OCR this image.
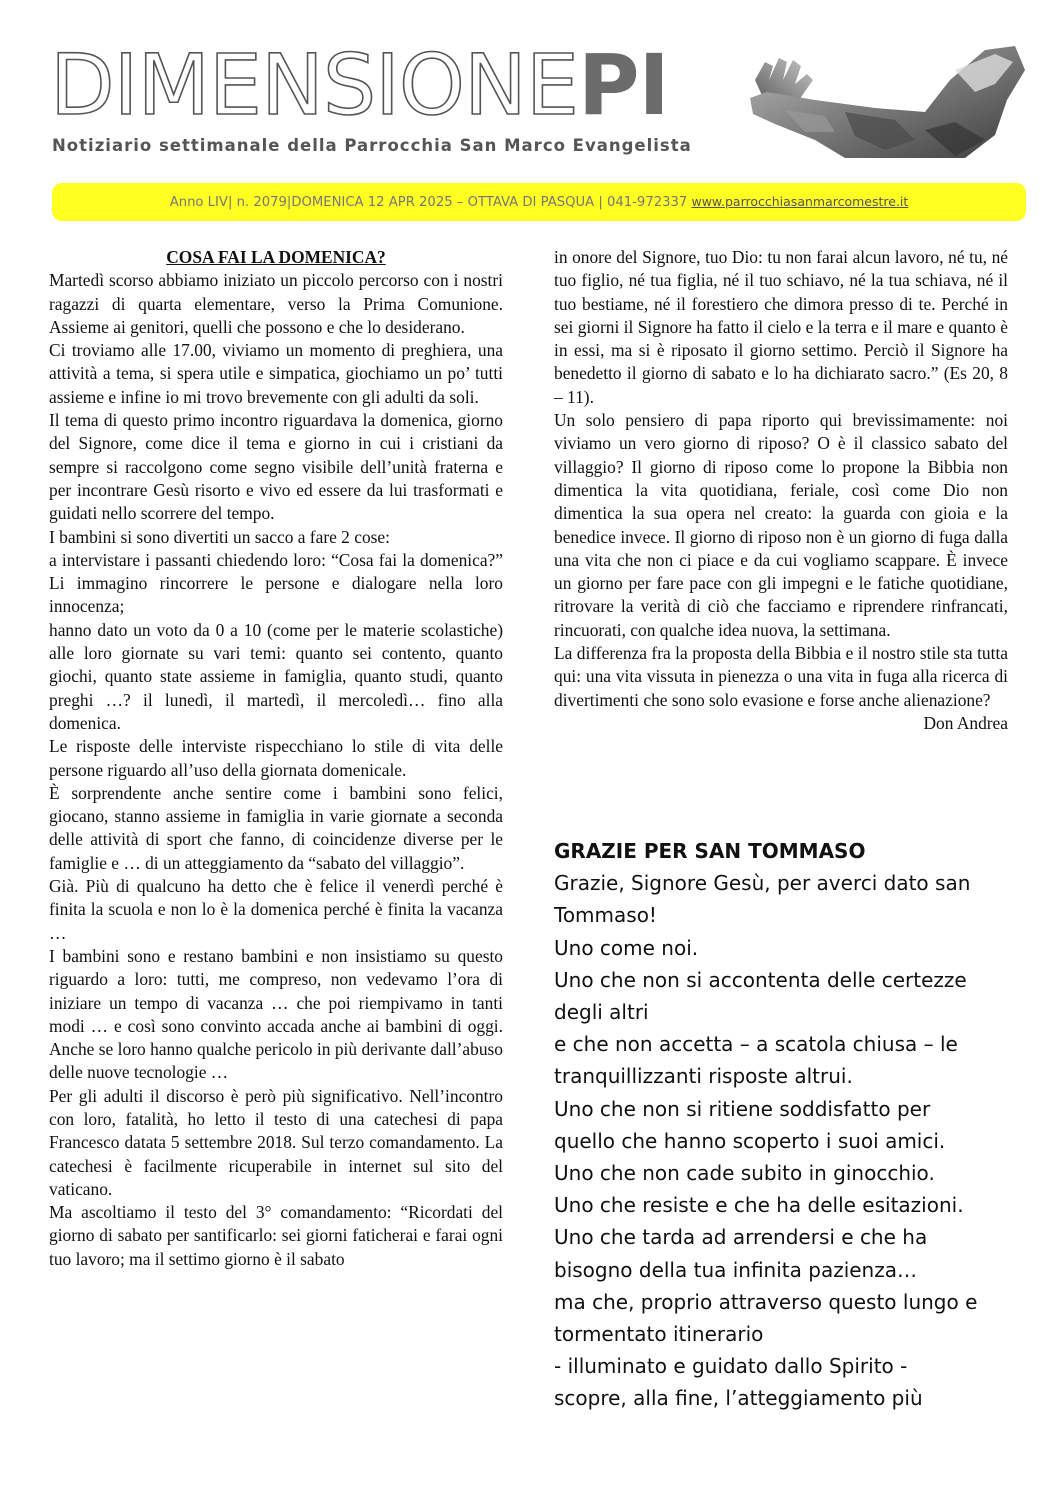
DIMENSIONEPI
Notiziario settimanale della Parrocchia San Marco Evangelista
Anno LIV| n. 2079|DOMENICA 12 APR 2025 – OTTAVA DI PASQUA | 041-972337 www.parrocchiasanmarcomestre.it
COSA FAI LA DOMENICA?

Martedì scorso abbiamo iniziato un piccolo percorso con i nostri ragazzi di quarta elementare, verso la Prima Comunione. Assieme ai genitori, quelli che possono e che lo desiderano.

Ci troviamo alle 17.00, viviamo un momento di preghiera, una attività a tema, si spera utile e simpatica, giochiamo un po’ tutti assieme e infine io mi trovo brevemente con gli adulti da soli.

Il tema di questo primo incontro riguardava la domenica, giorno del Signore, come dice il tema e giorno in cui i cristiani da sempre si raccolgono come segno visibile dell’unità fraterna e per incontrare Gesù risorto e vivo ed essere da lui trasformati e guidati nello scorrere del tempo.

I bambini si sono divertiti un sacco a fare 2 cose:

a intervistare i passanti chiedendo loro: “Cosa fai la domenica?” Li immagino rincorrere le persone e dialogare nella loro innocenza;

hanno dato un voto da 0 a 10 (come per le materie scolastiche) alle loro giornate su vari temi: quanto sei contento, quanto giochi, quanto state assieme in famiglia, quanto studi, quanto preghi …? il lunedì, il martedì, il mercoledì… fino alla domenica.

Le risposte delle interviste rispecchiano lo stile di vita delle persone riguardo all’uso della giornata domenicale.

È sorprendente anche sentire come i bambini sono felici, giocano, stanno assieme in famiglia in varie giornate a seconda delle attività di sport che fanno, di coincidenze diverse per le famiglie e … di un atteggiamento da “sabato del villaggio”.

Già. Più di qualcuno ha detto che è felice il venerdì perché è finita la scuola e non lo è la domenica perché è finita la vacanza …

I bambini sono e restano bambini e non insistiamo su questo riguardo a loro: tutti, me compreso, non vedevamo l’ora di iniziare un tempo di vacanza … che poi riempivamo in tanti modi … e così sono convinto accada anche ai bambini di oggi. Anche se loro hanno qualche pericolo in più derivante dall’abuso delle nuove tecnologie …

Per gli adulti il discorso è però più significativo. Nell’incontro con loro, fatalità, ho letto il testo di una catechesi di papa Francesco datata 5 settembre 2018. Sul terzo comandamento. La catechesi è facilmente ricuperabile in internet sul sito del vaticano.

Ma ascoltiamo il testo del 3° comandamento: “Ricordati del giorno di sabato per santificarlo: sei giorni faticherai e farai ogni tuo lavoro; ma il settimo giorno è il sabato

in onore del Signore, tuo Dio: tu non farai alcun lavoro, né tu, né tuo figlio, né tua figlia, né il tuo schiavo, né la tua schiava, né il tuo bestiame, né il forestiero che dimora presso di te. Perché in sei giorni il Signore ha fatto il cielo e la terra e il mare e quanto è in essi, ma si è riposato il giorno settimo. Perciò il Signore ha benedetto il giorno di sabato e lo ha dichiarato sacro.” (Es 20, 8 – 11).

Un solo pensiero di papa riporto qui brevissimamente: noi viviamo un vero giorno di riposo? O è il classico sabato del villaggio? Il giorno di riposo come lo propone la Bibbia non dimentica la vita quotidiana, feriale, così come Dio non dimentica la sua opera nel creato: la guarda con gioia e la benedice invece. Il giorno di riposo non è un giorno di fuga dalla una vita che non ci piace e da cui vogliamo scappare. È invece un giorno per fare pace con gli impegni e le fatiche quotidiane, ritrovare la verità di ciò che facciamo e riprendere rinfrancati, rincuorati, con qualche idea nuova, la settimana.

La differenza fra la proposta della Bibbia e il nostro stile sta tutta qui: una vita vissuta in pienezza o una vita in fuga alla ricerca di divertimenti che sono solo evasione e forse anche alienazione?

Don Andrea

GRAZIE PER SAN TOMMASO

Grazie, Signore Gesù, per averci dato san

Tommaso!

Uno come noi.

Uno che non si accontenta delle certezze

degli altri

e che non accetta – a scatola chiusa – le

tranquillizzanti risposte altrui.

Uno che non si ritiene soddisfatto per

quello che hanno scoperto i suoi amici.

Uno che non cade subito in ginocchio.

Uno che resiste e che ha delle esitazioni.

Uno che tarda ad arrendersi e che ha

bisogno della tua infinita pazienza…

ma che, proprio attraverso questo lungo e

tormentato itinerario

- illuminato e guidato dallo Spirito -

scopre, alla fine, l’atteggiamento più
